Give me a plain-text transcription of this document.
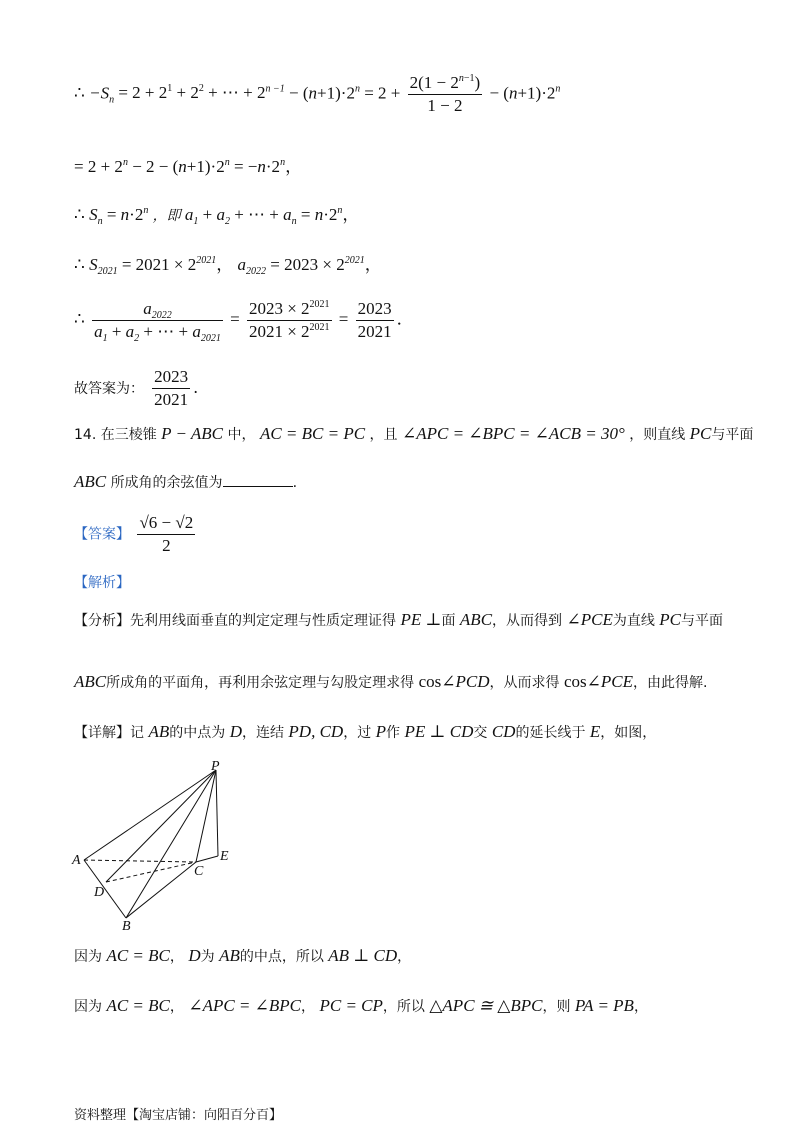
∴ $-S_n = 2 + 2^1 + 2^2$ + ⋯ + $2^{n -1} - (n+1)\cdot 2^n = 2 + \frac{2(1 - 2^{n-1})}{1 - 2} - (n+1)\cdot 2^n$
= $2 + 2^n - 2 - (n+1)\cdot 2^n = -n\cdot 2^n$，
∴ $S_n = n\cdot 2^n$ ，即 $a_1 + a_2$ + ⋯ + $a_n = n\cdot 2^n$，
∴ $S_{2021} = 2021 \times 2^{2021}$， $a_{2022} = 2023 \times 2^{2021}$，
∴ $\frac{a_{2022}}{a_1 + a_2 + \cdots + a_{2021}} = \frac{2023 \times 2^{2021}}{2021 \times 2^{2021}} = \frac{2023}{2021}$ ．
故答案为： $\frac{2023}{2021}$ .
14. 在三棱锥 P − ABC 中， AC = BC = PC ，且 ∠APC = ∠BPC = ∠ACB = 30° ，则直线 PC与平面
ABC 所成角的余弦值为	.
【答案】 $\frac{√6 - √2}{2}$
【解析】
【分析】先利用线面垂直的判定定理与性质定理证得 PE ⊥面 ABC，从而得到 ∠PCE为直线 PC与平面
ABC所成角的平面角，再利用余弦定理与勾股定理求得 cos∠PCD，从而求得 cos∠PCE，由此得解.
【详解】记 AB的中点为 D，连结 PD, CD，过 P作 PE ⊥ CD交 CD的延长线于 E，如图，
P
A
D
B
C
E
因为 AC = BC， D为 AB的中点，所以 AB ⊥ CD，
因为 AC = BC， ∠APC = ∠BPC， PC = CP，所以 △APC ≅ △BPC，则 PA = PB，
资料整理【淘宝店铺：向阳百分百】
